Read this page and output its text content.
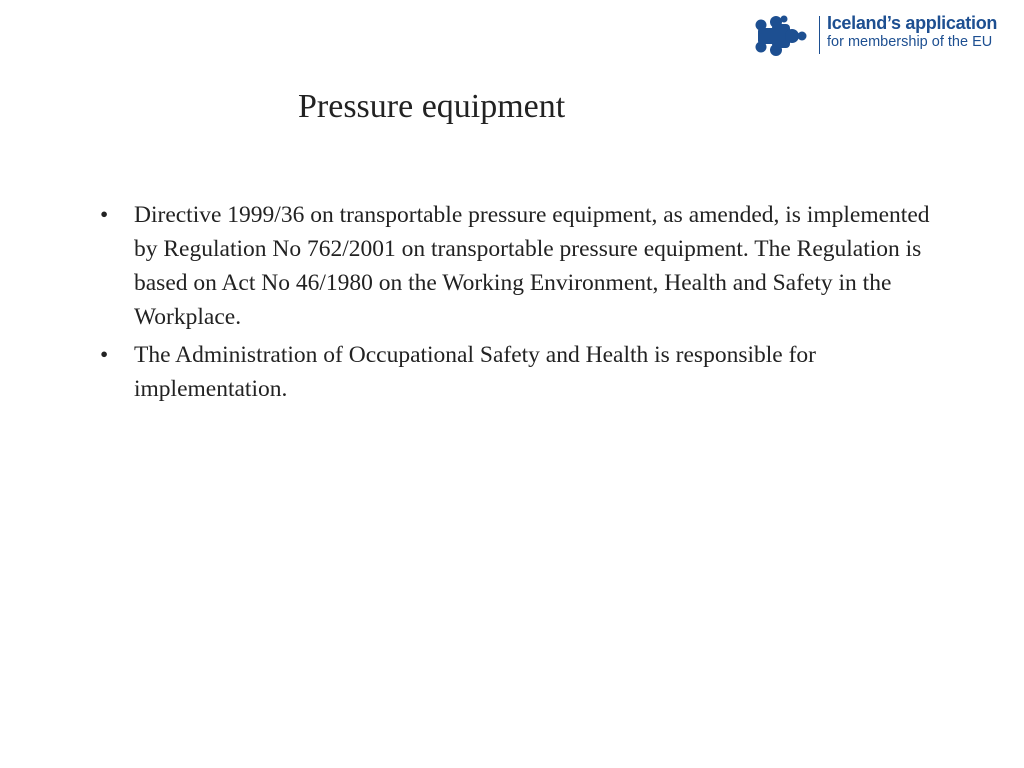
Iceland’s application
for membership of the EU
Pressure equipment
• Directive 1999/36 on transportable pressure equipment, as amended, is implemented by Regulation No 762/2001 on transportable pressure equipment. The Regulation is based on Act No 46/1980 on the Working Environment, Health and Safety in the Workplace.
• The Administration of Occupational Safety and Health is responsible for implementation.
